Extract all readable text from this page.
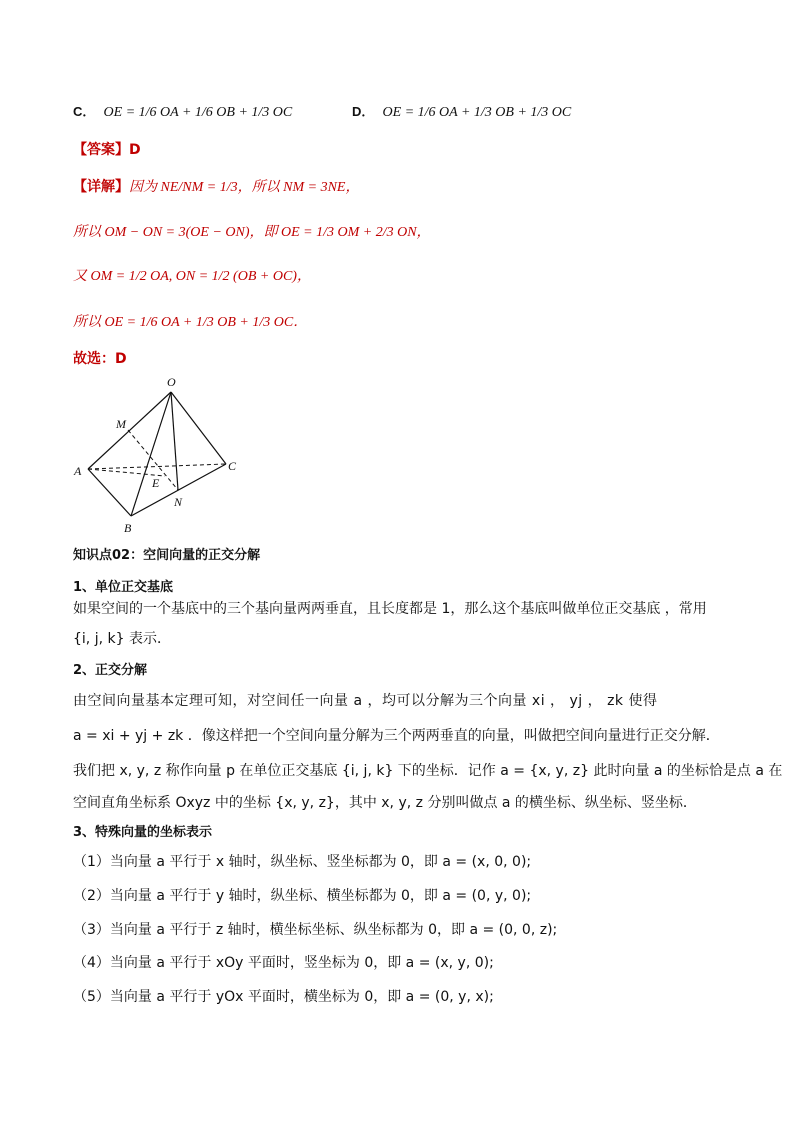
C． OE = 1/6 OA + 1/6 OB + 1/3 OC	D． OE = 1/6 OA + 1/3 OB + 1/3 OC
【答案】D
【详解】因为 NE/NM = 1/3，所以 NM = 3NE，
所以 OM − ON = 3(OE − ON)，即 OE = 1/3 OM + 2/3 ON，
又 OM = 1/2 OA, ON = 1/2 (OB + OC)，
所以 OE = 1/6 OA + 1/3 OB + 1/3 OC．
故选：D
O
M
A	C
E
N
B
知识点02：空间向量的正交分解
1、单位正交基底
如果空间的一个基底中的三个基向量两两垂直，且长度都是 1，那么这个基底叫做单位正交基底 ，常用
{i, j, k} 表示．
2、正交分解
由空间向量基本定理可知，对空间任一向量 a ，均可以分解为三个向量 xi ， yj ， zk 使得
a = xi + yj + zk ．像这样把一个空间向量分解为三个两两垂直的向量，叫做把空间向量进行正交分解．
我们把 x, y, z 称作向量 p 在单位正交基底 {i, j, k} 下的坐标．记作 a = {x, y, z} 此时向量 a 的坐标恰是点 a 在
空间直角坐标系 Oxyz 中的坐标 {x, y, z}，其中 x, y, z 分别叫做点 a 的横坐标、纵坐标、竖坐标．
3、特殊向量的坐标表示
（1）当向量 a 平行于 x 轴时，纵坐标、竖坐标都为 0，即 a = (x, 0, 0);
（2）当向量 a 平行于 y 轴时，纵坐标、横坐标都为 0，即 a = (0, y, 0);
（3）当向量 a 平行于 z 轴时，横坐标坐标、纵坐标都为 0，即 a = (0, 0, z);
（4）当向量 a 平行于 xOy 平面时，竖坐标为 0，即 a = (x, y, 0);
（5）当向量 a 平行于 yOx 平面时，横坐标为 0，即 a = (0, y, x);
